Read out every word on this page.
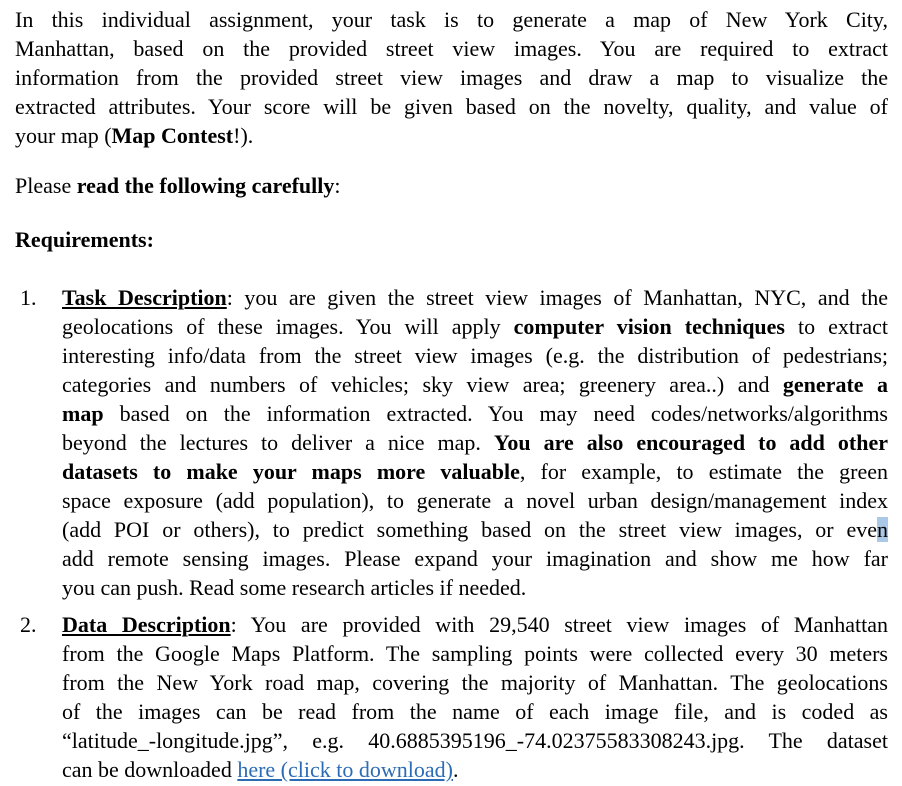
In this individual assignment, your task is to generate a map of New York City,
Manhattan, based on the provided street view images. You are required to extract
information from the provided street view images and draw a map to visualize the
extracted attributes. Your score will be given based on the novelty, quality, and value of
your map (Map Contest!).
Please read the following carefully:
Requirements:
1. Task Description: you are given the street view images of Manhattan, NYC, and the
geolocations of these images. You will apply computer vision techniques to extract
interesting info/data from the street view images (e.g. the distribution of pedestrians;
categories and numbers of vehicles; sky view area; greenery area..) and generate a
map based on the information extracted. You may need codes/networks/algorithms
beyond the lectures to deliver a nice map. You are also encouraged to add other
datasets to make your maps more valuable, for example, to estimate the green
space exposure (add population), to generate a novel urban design/management index
(add POI or others), to predict something based on the street view images, or even
add remote sensing images. Please expand your imagination and show me how far
you can push. Read some research articles if needed.
2. Data Description: You are provided with 29,540 street view images of Manhattan
from the Google Maps Platform. The sampling points were collected every 30 meters
from the New York road map, covering the majority of Manhattan. The geolocations
of the images can be read from the name of each image file, and is coded as
“latitude_-longitude.jpg”, e.g. 40.6885395196_-74.02375583308243.jpg. The dataset
can be downloaded here (click to download).
